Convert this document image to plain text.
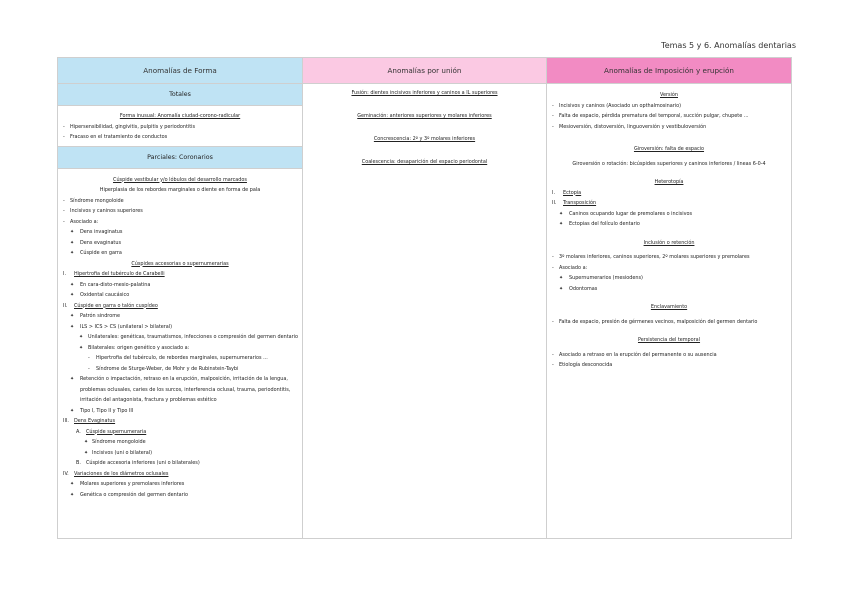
Temas 5 y 6. Anomalías dentarias
Anomalías de Forma
Totales
Forma inusual: Anomalía ciudad-corono-radicular
- Hipersensibilidad, gingivitis, pulpitis y periodontitis
- Fracaso en el tratamiento de conductos
Parciales: Coronarios
Cúspide vestibular y/o lóbulos del desarrollo marcados
Hiperplasia de los rebordes marginales o diente en forma de pala
- Síndrome mongoloide
- Incisivos y caninos superiores
- Asociado a:
✦ Dens invaginatus
✦ Dens evaginatus
✦ Cúspide en garra
Cúspides accesorias o supernumerarias
I. Hipertrofia del tubérculo de Carabelli
✦ En cara-disto-mesio-palatina
✦ Oxidental caucásico
II. Cúspide en garra o talón cuspídeo
✦ Patrón sindrome
✦ ILS > ICS > CS (unilateral > bilateral)
✦ Unilaterales: genéticas, traumatismos, infecciones o compresión del germen dentario
✦ Bilaterales: origen genético y asociado a:
- Hipertrofia del tubérculo, de rebordes marginales, supernumerarios ...
- Síndrome de Sturge-Weber, de Mohr y de Rubinstein-Taybi
✦ Retención o impactación, retraso en la erupción, malposición, irritación de la lengua, problemas oclusales, caries de los surcos, interferencia oclusal, trauma, periodontitis, irritación del antagonista, fractura y problemas estético
✦ Tipo I, Tipo II y Tipo III
III. Dens Evaginatus
A. Cúspide supernumeraria
✦ Síndrome mongoloide
✦ Incisivos (uni o bilateral)
B. Cúspide accesoria inferiores (uni o bilaterales)
IV. Variaciones de los diámetros oclusales
✦ Molares superiores y premolares inferiores
✦ Genética o compresión del germen dentario
Anomalías por unión
Fusión: dientes incisivos inferiores y caninos a IL superiores
Geminación: anteriores superiores y molares inferiores
Concrescencia: 2º y 3º molares inferiores
Coalescencia: desaparición del espacio periodontal
Anomalías de Imposición y erupción
Versión
- Incisivos y caninos (Asociado un opthalmosinario)
- Falta de espacio, pérdida prematura del temporal, succión pulgar, chupete ...
- Mesioversión, distoversión, linguoversión y vestibuloversión
Giroversión: falta de espacio
Giroversión o rotación: bicúspides superiores y caninos inferiores / lineas 6-0-4
Heterotopía
I. Ectopia
II. Transposición
✦ Caninos ocupando lugar de premolares o incisivos
✦ Ectopias del folículo dentario
Inclusión o retención
- 3º molares inferiores, caninos superiores, 2º molares superiores y premolares
- Asociado a:
✦ Supernumerarios (mesiodens)
✦ Odontomas
Enclavamiento
- Falta de espacio, presión de gérmenes vecinos, malposición del germen dentario
Persistencia del temporal
- Asociado a retraso en la erupción del permanente o su ausencia
- Etiología desconocida
